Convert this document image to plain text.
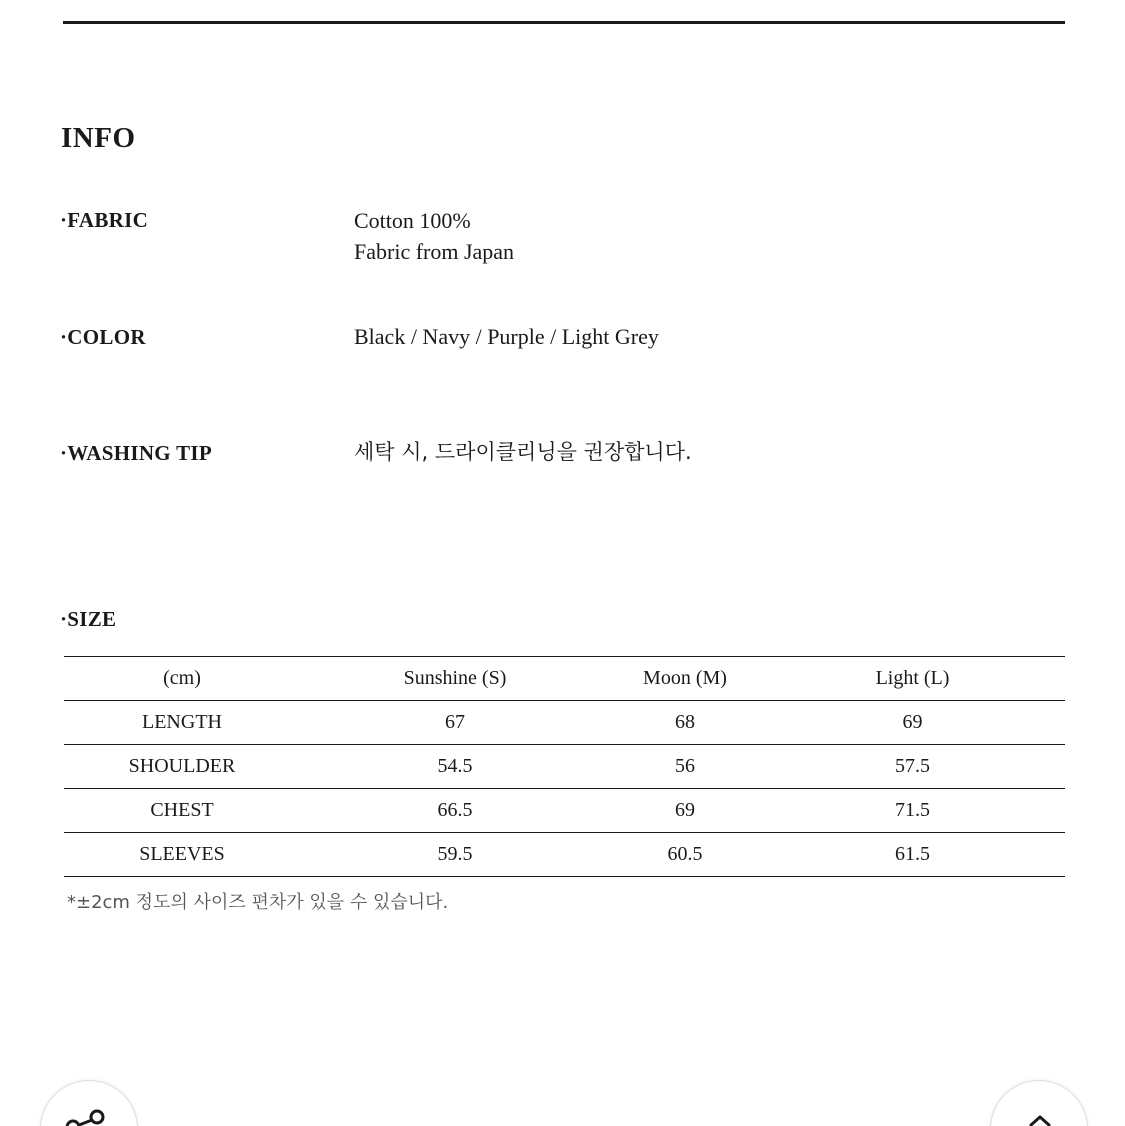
INFO
·FABRIC	Cotton 100%
Fabric from Japan
·COLOR	Black / Navy / Purple / Light Grey
·WASHING TIP	세탁 시, 드라이클리닝을 권장합니다.
·SIZE
(cm)	Sunshine (S)	Moon (M)	Light (L)
LENGTH	67	68	69
SHOULDER	54.5	56	57.5
CHEST	66.5	69	71.5
SLEEVES	59.5	60.5	61.5
*±2cm 정도의 사이즈 편차가 있을 수 있습니다.
